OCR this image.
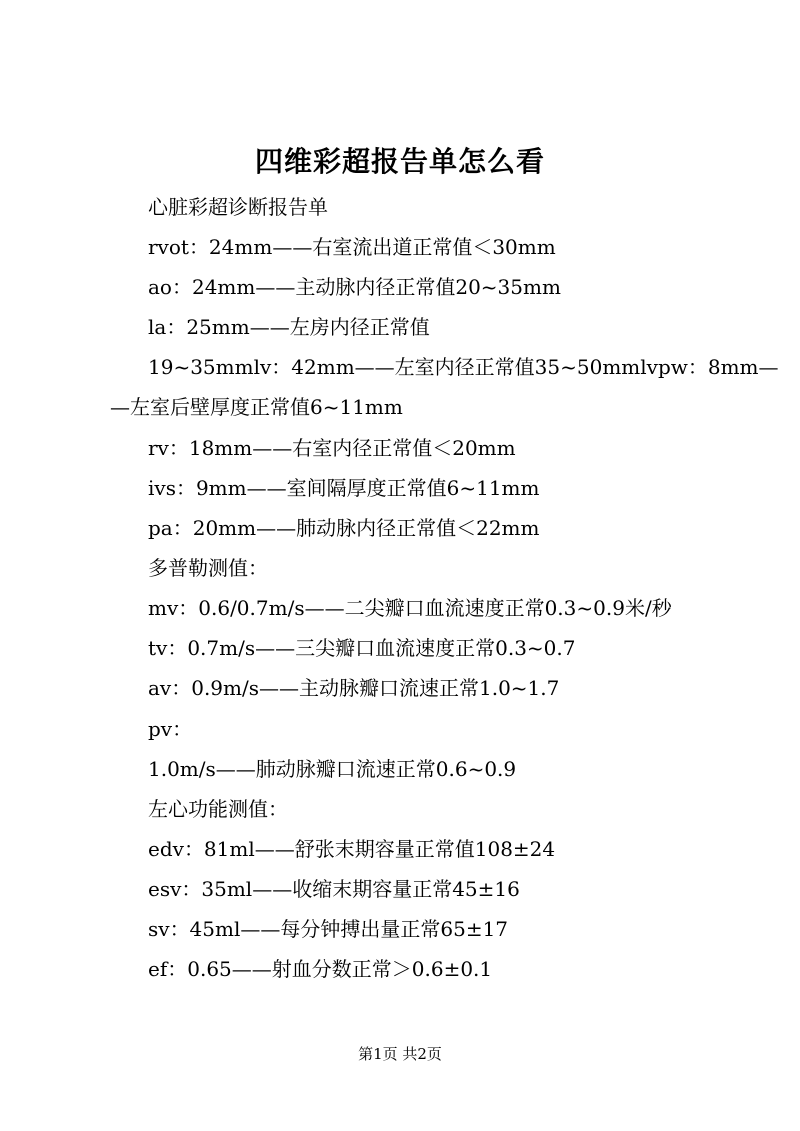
四维彩超报告单怎么看
心脏彩超诊断报告单
rvot：24mm——右室流出道正常值＜30mm
ao：24mm——主动脉内径正常值20~35mm
la：25mm——左房内径正常值
19~35mmlv：42mm——左室内径正常值35~50mmlvpw：8mm—
—左室后壁厚度正常值6~11mm
rv：18mm——右室内径正常值＜20mm
ivs：9mm——室间隔厚度正常值6~11mm
pa：20mm——肺动脉内径正常值＜22mm
多普勒测值：
mv：0.6/0.7m/s——二尖瓣口血流速度正常0.3~0.9米/秒
tv：0.7m/s——三尖瓣口血流速度正常0.3~0.7
av：0.9m/s——主动脉瓣口流速正常1.0~1.7
pv：
1.0m/s——肺动脉瓣口流速正常0.6~0.9
左心功能测值：
edv：81ml——舒张末期容量正常值108±24
esv：35ml——收缩末期容量正常45±16
sv：45ml——每分钟搏出量正常65±17
ef：0.65——射血分数正常＞0.6±0.1
第1页 共2页
